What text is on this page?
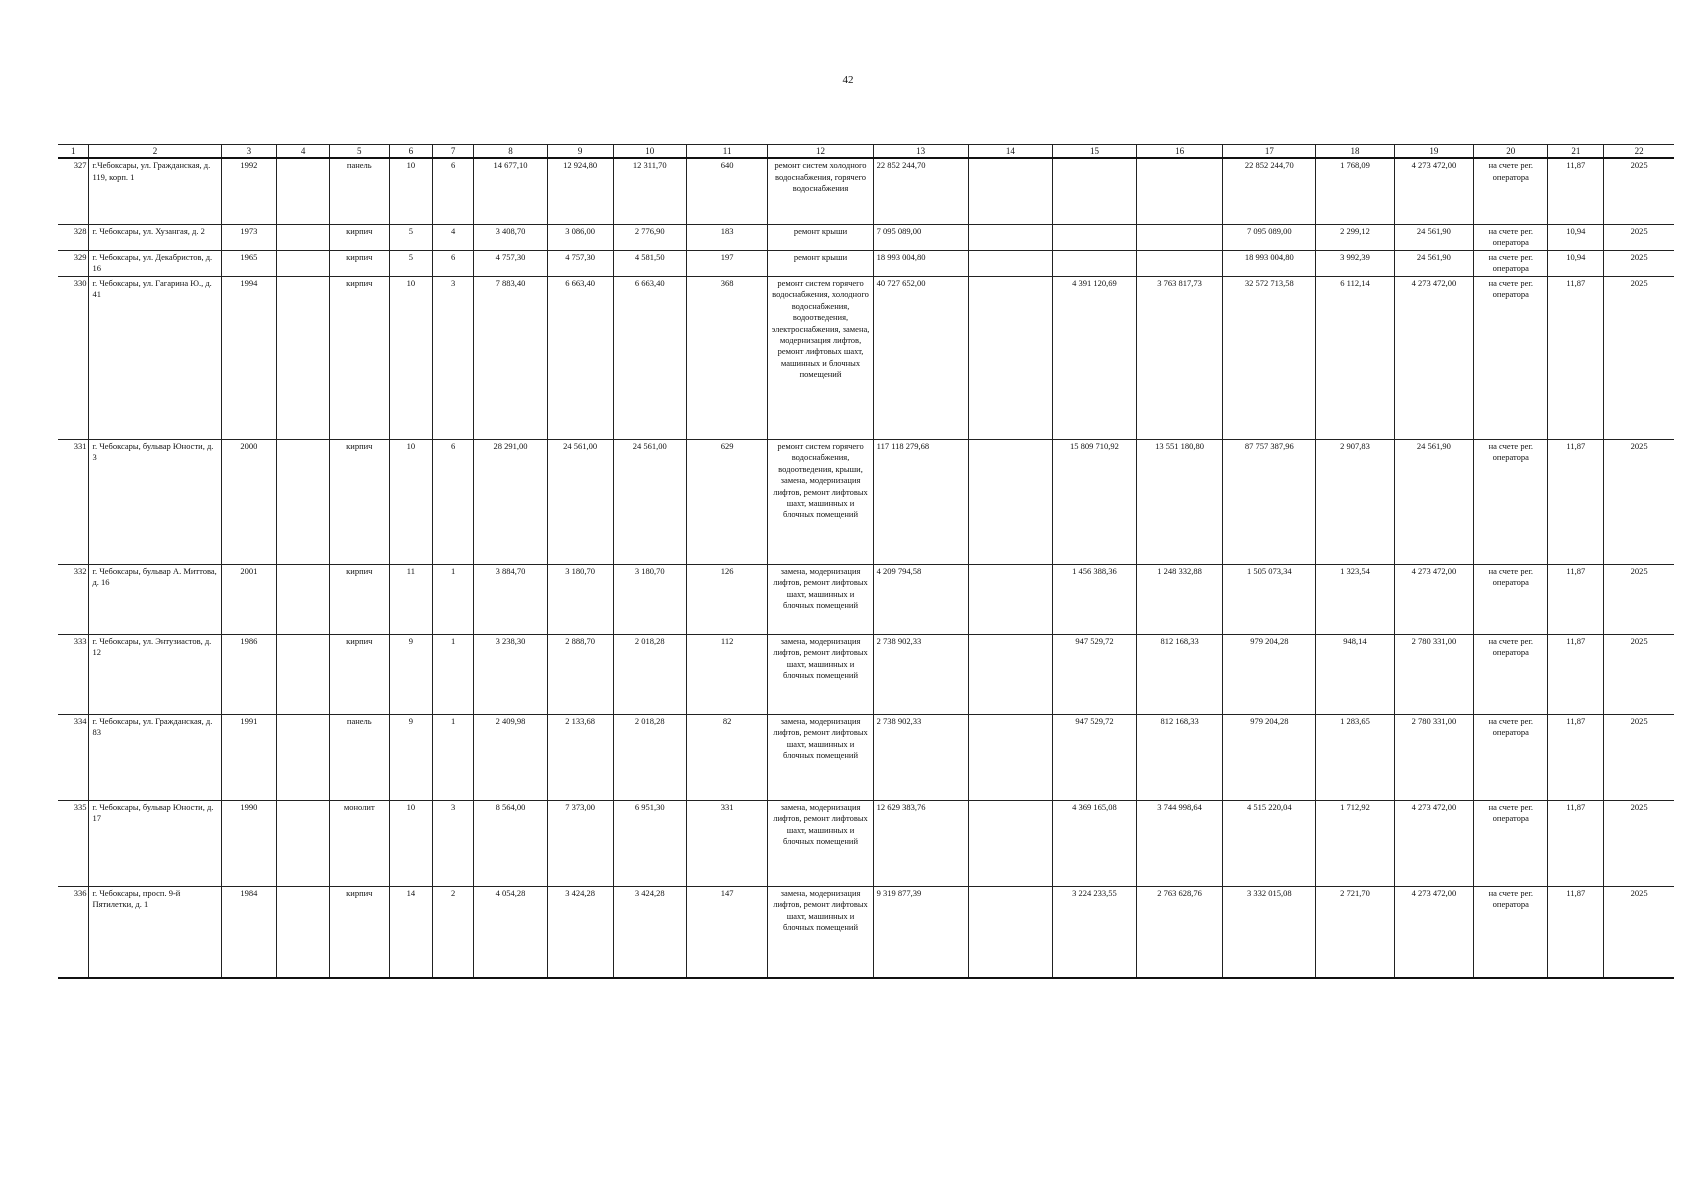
42
1	2	3	4	5	6	7	8	9	10	11	12	13	14	15	16	17	18	19	20	21	22
327	г.Чебоксары, ул. Гражданская, д. 119, корп. 1	1992		панель	10	6	14 677,10	12 924,80	12 311,70	640	ремонт систем холодного водоснабжения, горячего водоснабжения	22 852 244,70				22 852 244,70	1 768,09	4 273 472,00	на счете рег. оператора	11,87	2025
328	г. Чебоксары, ул. Хузангая, д. 2	1973		кирпич	5	4	3 408,70	3 086,00	2 776,90	183	ремонт крыши	7 095 089,00				7 095 089,00	2 299,12	24 561,90	на счете рег. оператора	10,94	2025
329	г. Чебоксары, ул. Декабристов, д. 16	1965		кирпич	5	6	4 757,30	4 757,30	4 581,50	197	ремонт крыши	18 993 004,80				18 993 004,80	3 992,39	24 561,90	на счете рег. оператора	10,94	2025
330	г. Чебоксары, ул. Гагарина Ю., д. 41	1994		кирпич	10	3	7 883,40	6 663,40	6 663,40	368	ремонт систем горячего водоснабжения, холодного водоснабжения, водоотведения, электроснабжения, замена, модернизация лифтов, ремонт лифтовых шахт, машинных и блочных помещений	40 727 652,00		4 391 120,69	3 763 817,73	32 572 713,58	6 112,14	4 273 472,00	на счете рег. оператора	11,87	2025
331	г. Чебоксары, бульвар Юности, д. 3	2000		кирпич	10	6	28 291,00	24 561,00	24 561,00	629	ремонт систем горячего водоснабжения, водоотведения, крыши, замена, модернизация лифтов, ремонт лифтовых шахт, машинных и блочных помещений	117 118 279,68		15 809 710,92	13 551 180,80	87 757 387,96	2 907,83	24 561,90	на счете рег. оператора	11,87	2025
332	г. Чебоксары, бульвар А. Миттова, д. 16	2001		кирпич	11	1	3 884,70	3 180,70	3 180,70	126	замена, модернизация лифтов, ремонт лифтовых шахт, машинных и блочных помещений	4 209 794,58		1 456 388,36	1 248 332,88	1 505 073,34	1 323,54	4 273 472,00	на счете рег. оператора	11,87	2025
333	г. Чебоксары, ул. Энтузиастов, д. 12	1986		кирпич	9	1	3 238,30	2 888,70	2 018,28	112	замена, модернизация лифтов, ремонт лифтовых шахт, машинных и блочных помещений	2 738 902,33		947 529,72	812 168,33	979 204,28	948,14	2 780 331,00	на счете рег. оператора	11,87	2025
334	г. Чебоксары, ул. Гражданская, д. 83	1991		панель	9	1	2 409,98	2 133,68	2 018,28	82	замена, модернизация лифтов, ремонт лифтовых шахт, машинных и блочных помещений	2 738 902,33		947 529,72	812 168,33	979 204,28	1 283,65	2 780 331,00	на счете рег. оператора	11,87	2025
335	г. Чебоксары, бульвар Юности, д. 17	1990		монолит	10	3	8 564,00	7 373,00	6 951,30	331	замена, модернизация лифтов, ремонт лифтовых шахт, машинных и блочных помещений	12 629 383,76		4 369 165,08	3 744 998,64	4 515 220,04	1 712,92	4 273 472,00	на счете рег. оператора	11,87	2025
336	г. Чебоксары, просп. 9-й Пятилетки, д. 1	1984		кирпич	14	2	4 054,28	3 424,28	3 424,28	147	замена, модернизация лифтов, ремонт лифтовых шахт, машинных и блочных помещений	9 319 877,39		3 224 233,55	2 763 628,76	3 332 015,08	2 721,70	4 273 472,00	на счете рег. оператора	11,87	2025
